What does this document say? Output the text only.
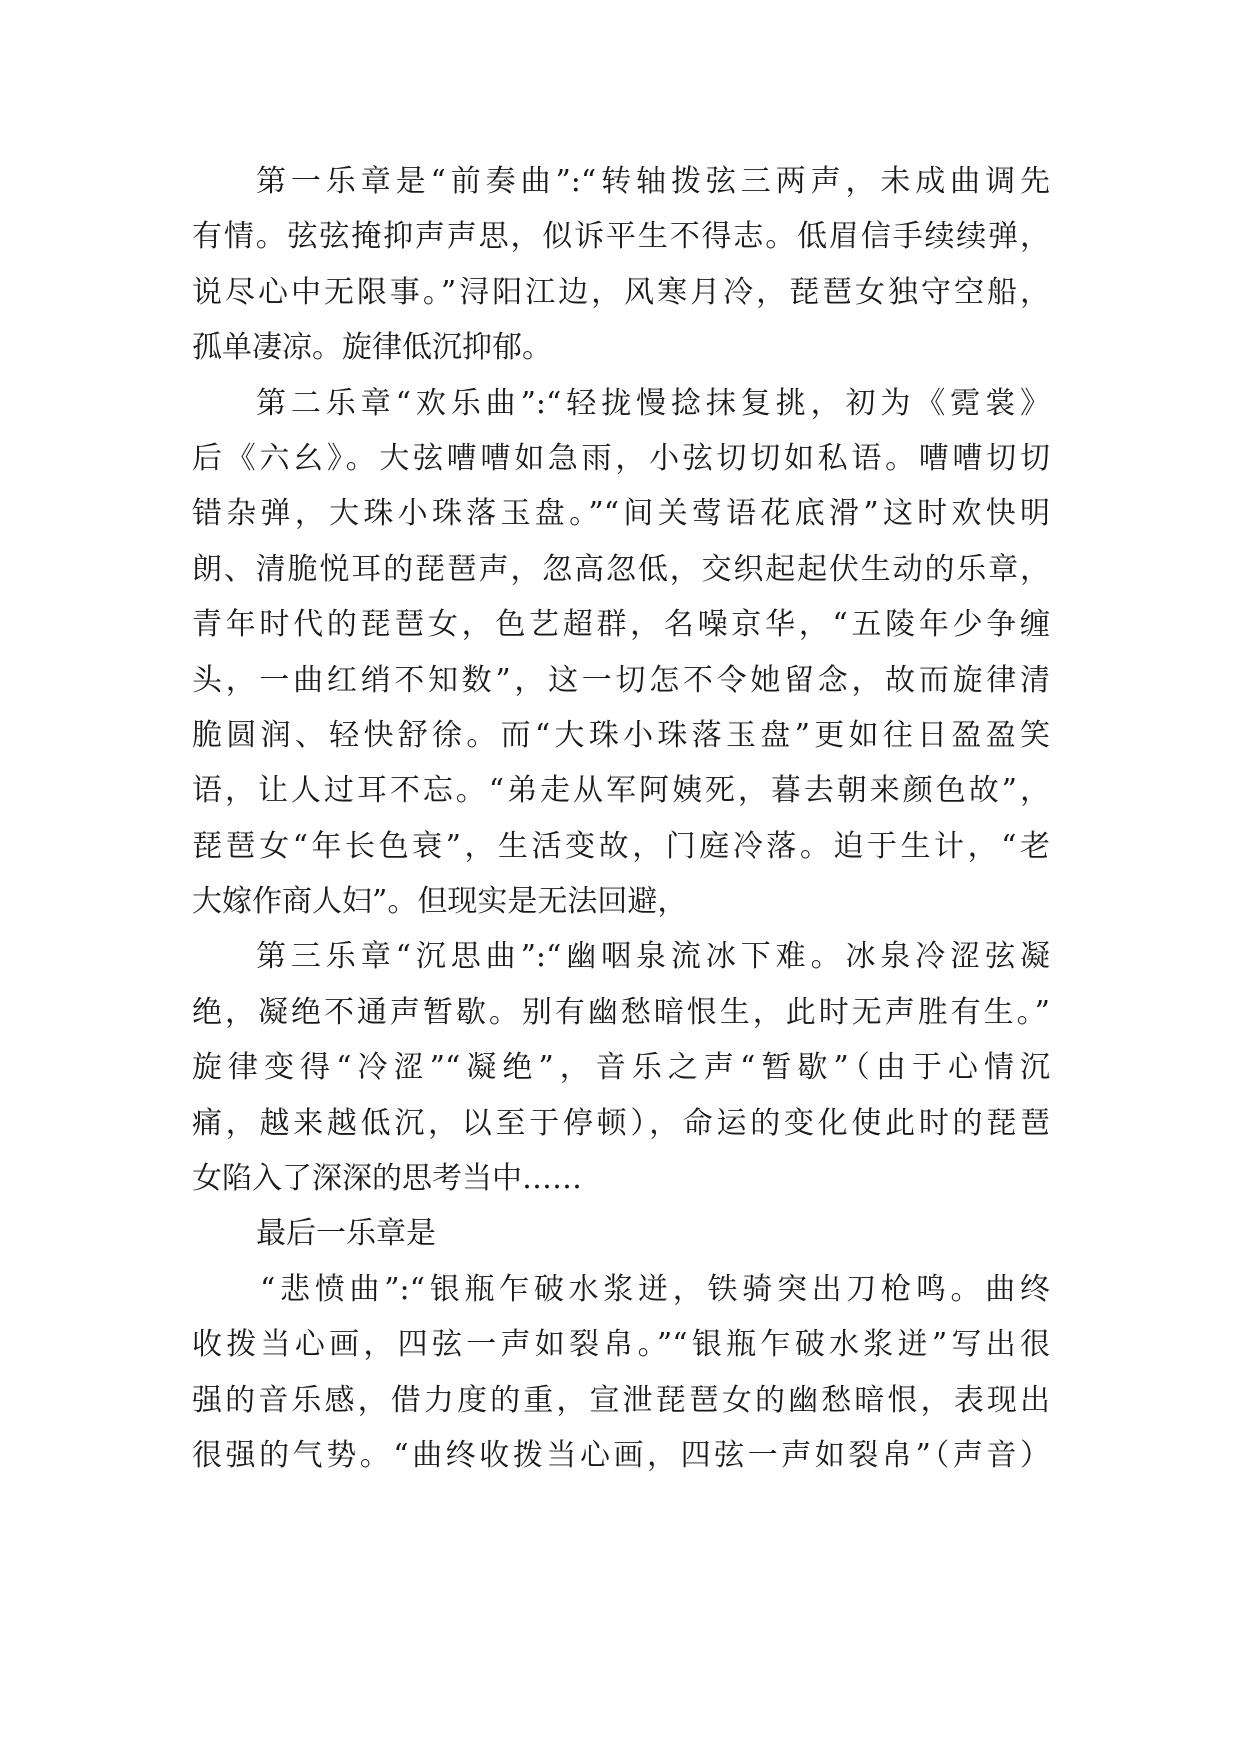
第一乐章是“前奏曲”:“转轴拨弦三两声，未成曲调先
有情。弦弦掩抑声声思，似诉平生不得志。低眉信手续续弹，
说尽心中无限事。”浔阳江边，风寒月冷，琵琶女独守空船，
孤单凄凉。旋律低沉抑郁。
第二乐章“欢乐曲”:“轻拢慢捻抹复挑，初为《霓裳》
后《六幺》。大弦嘈嘈如急雨，小弦切切如私语。嘈嘈切切
错杂弹，大珠小珠落玉盘。”“间关莺语花底滑”这时欢快明
朗、清脆悦耳的琵琶声，忽高忽低，交织起起伏生动的乐章，
青年时代的琵琶女，色艺超群，名噪京华，“五陵年少争缠
头，一曲红绡不知数”，这一切怎不令她留念，故而旋律清
脆圆润、轻快舒徐。而“大珠小珠落玉盘”更如往日盈盈笑
语，让人过耳不忘。“弟走从军阿姨死，暮去朝来颜色故”，
琵琶女“年长色衰”，生活变故，门庭冷落。迫于生计，“老
大嫁作商人妇”。但现实是无法回避，
第三乐章“沉思曲”:“幽咽泉流冰下难。冰泉冷涩弦凝
绝，凝绝不通声暂歇。别有幽愁暗恨生，此时无声胜有生。”
旋律变得“冷涩”“凝绝”，音乐之声“暂歇”（由于心情沉
痛，越来越低沉，以至于停顿），命运的变化使此时的琵琶
女陷入了深深的思考当中……
最后一乐章是
“悲愤曲”:“银瓶乍破水浆迸，铁骑突出刀枪鸣。曲终
收拨当心画，四弦一声如裂帛。”“银瓶乍破水浆迸”写出很
强的音乐感，借力度的重，宣泄琵琶女的幽愁暗恨，表现出
很强的气势。“曲终收拨当心画，四弦一声如裂帛”（声音）
